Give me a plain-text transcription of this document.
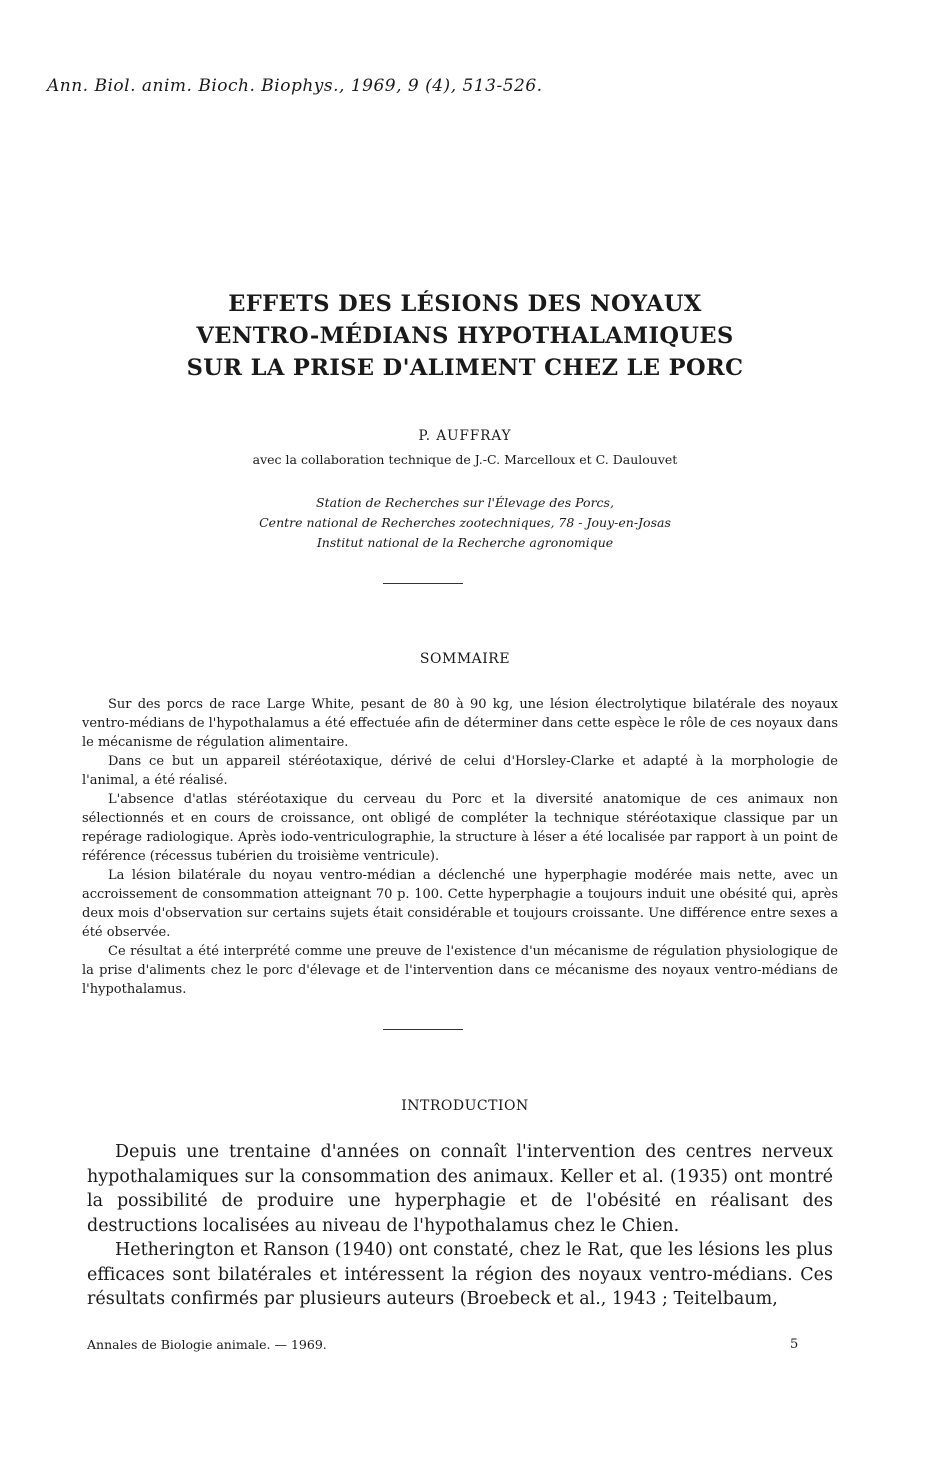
Ann. Biol. anim. Bioch. Biophys., 1969, 9 (4), 513-526.
EFFETS DES LÉSIONS DES NOYAUX
VENTRO-MÉDIANS HYPOTHALAMIQUES
SUR LA PRISE D'ALIMENT CHEZ LE PORC
P. AUFFRAY
avec la collaboration technique de J.-C. Marcelloux et C. Daulouvet
Station de Recherches sur l'Élevage des Porcs,
Centre national de Recherches zootechniques, 78 - Jouy-en-Josas
Institut national de la Recherche agronomique
SOMMAIRE

Sur des porcs de race Large White, pesant de 80 à 90 kg, une lésion électrolytique bilatérale des noyaux ventro-médians de l'hypothalamus a été effectuée afin de déterminer dans cette espèce le rôle de ces noyaux dans le mécanisme de régulation alimentaire.

Dans ce but un appareil stéréotaxique, dérivé de celui d'Horsley-Clarke et adapté à la morphologie de l'animal, a été réalisé.

L'absence d'atlas stéréotaxique du cerveau du Porc et la diversité anatomique de ces animaux non sélectionnés et en cours de croissance, ont obligé de compléter la technique stéréotaxique classique par un repérage radiologique. Après iodo-ventriculographie, la structure à léser a été localisée par rapport à un point de référence (récessus tubérien du troisième ventricule).

La lésion bilatérale du noyau ventro-médian a déclenché une hyperphagie modérée mais nette, avec un accroissement de consommation atteignant 70 p. 100. Cette hyperphagie a toujours induit une obésité qui, après deux mois d'observation sur certains sujets était considérable et toujours croissante. Une différence entre sexes a été observée.

Ce résultat a été interprété comme une preuve de l'existence d'un mécanisme de régulation physiologique de la prise d'aliments chez le porc d'élevage et de l'intervention dans ce mécanisme des noyaux ventro-médians de l'hypothalamus.

INTRODUCTION

Depuis une trentaine d'années on connaît l'intervention des centres nerveux hypothalamiques sur la consommation des animaux. Keller et al. (1935) ont montré la possibilité de produire une hyperphagie et de l'obésité en réalisant des destructions localisées au niveau de l'hypothalamus chez le Chien.

Hetherington et Ranson (1940) ont constaté, chez le Rat, que les lésions les plus efficaces sont bilatérales et intéressent la région des noyaux ventro-médians. Ces résultats confirmés par plusieurs auteurs (Broebeck et al., 1943 ; Teitelbaum,

Annales de Biologie animale. — 1969.	5
